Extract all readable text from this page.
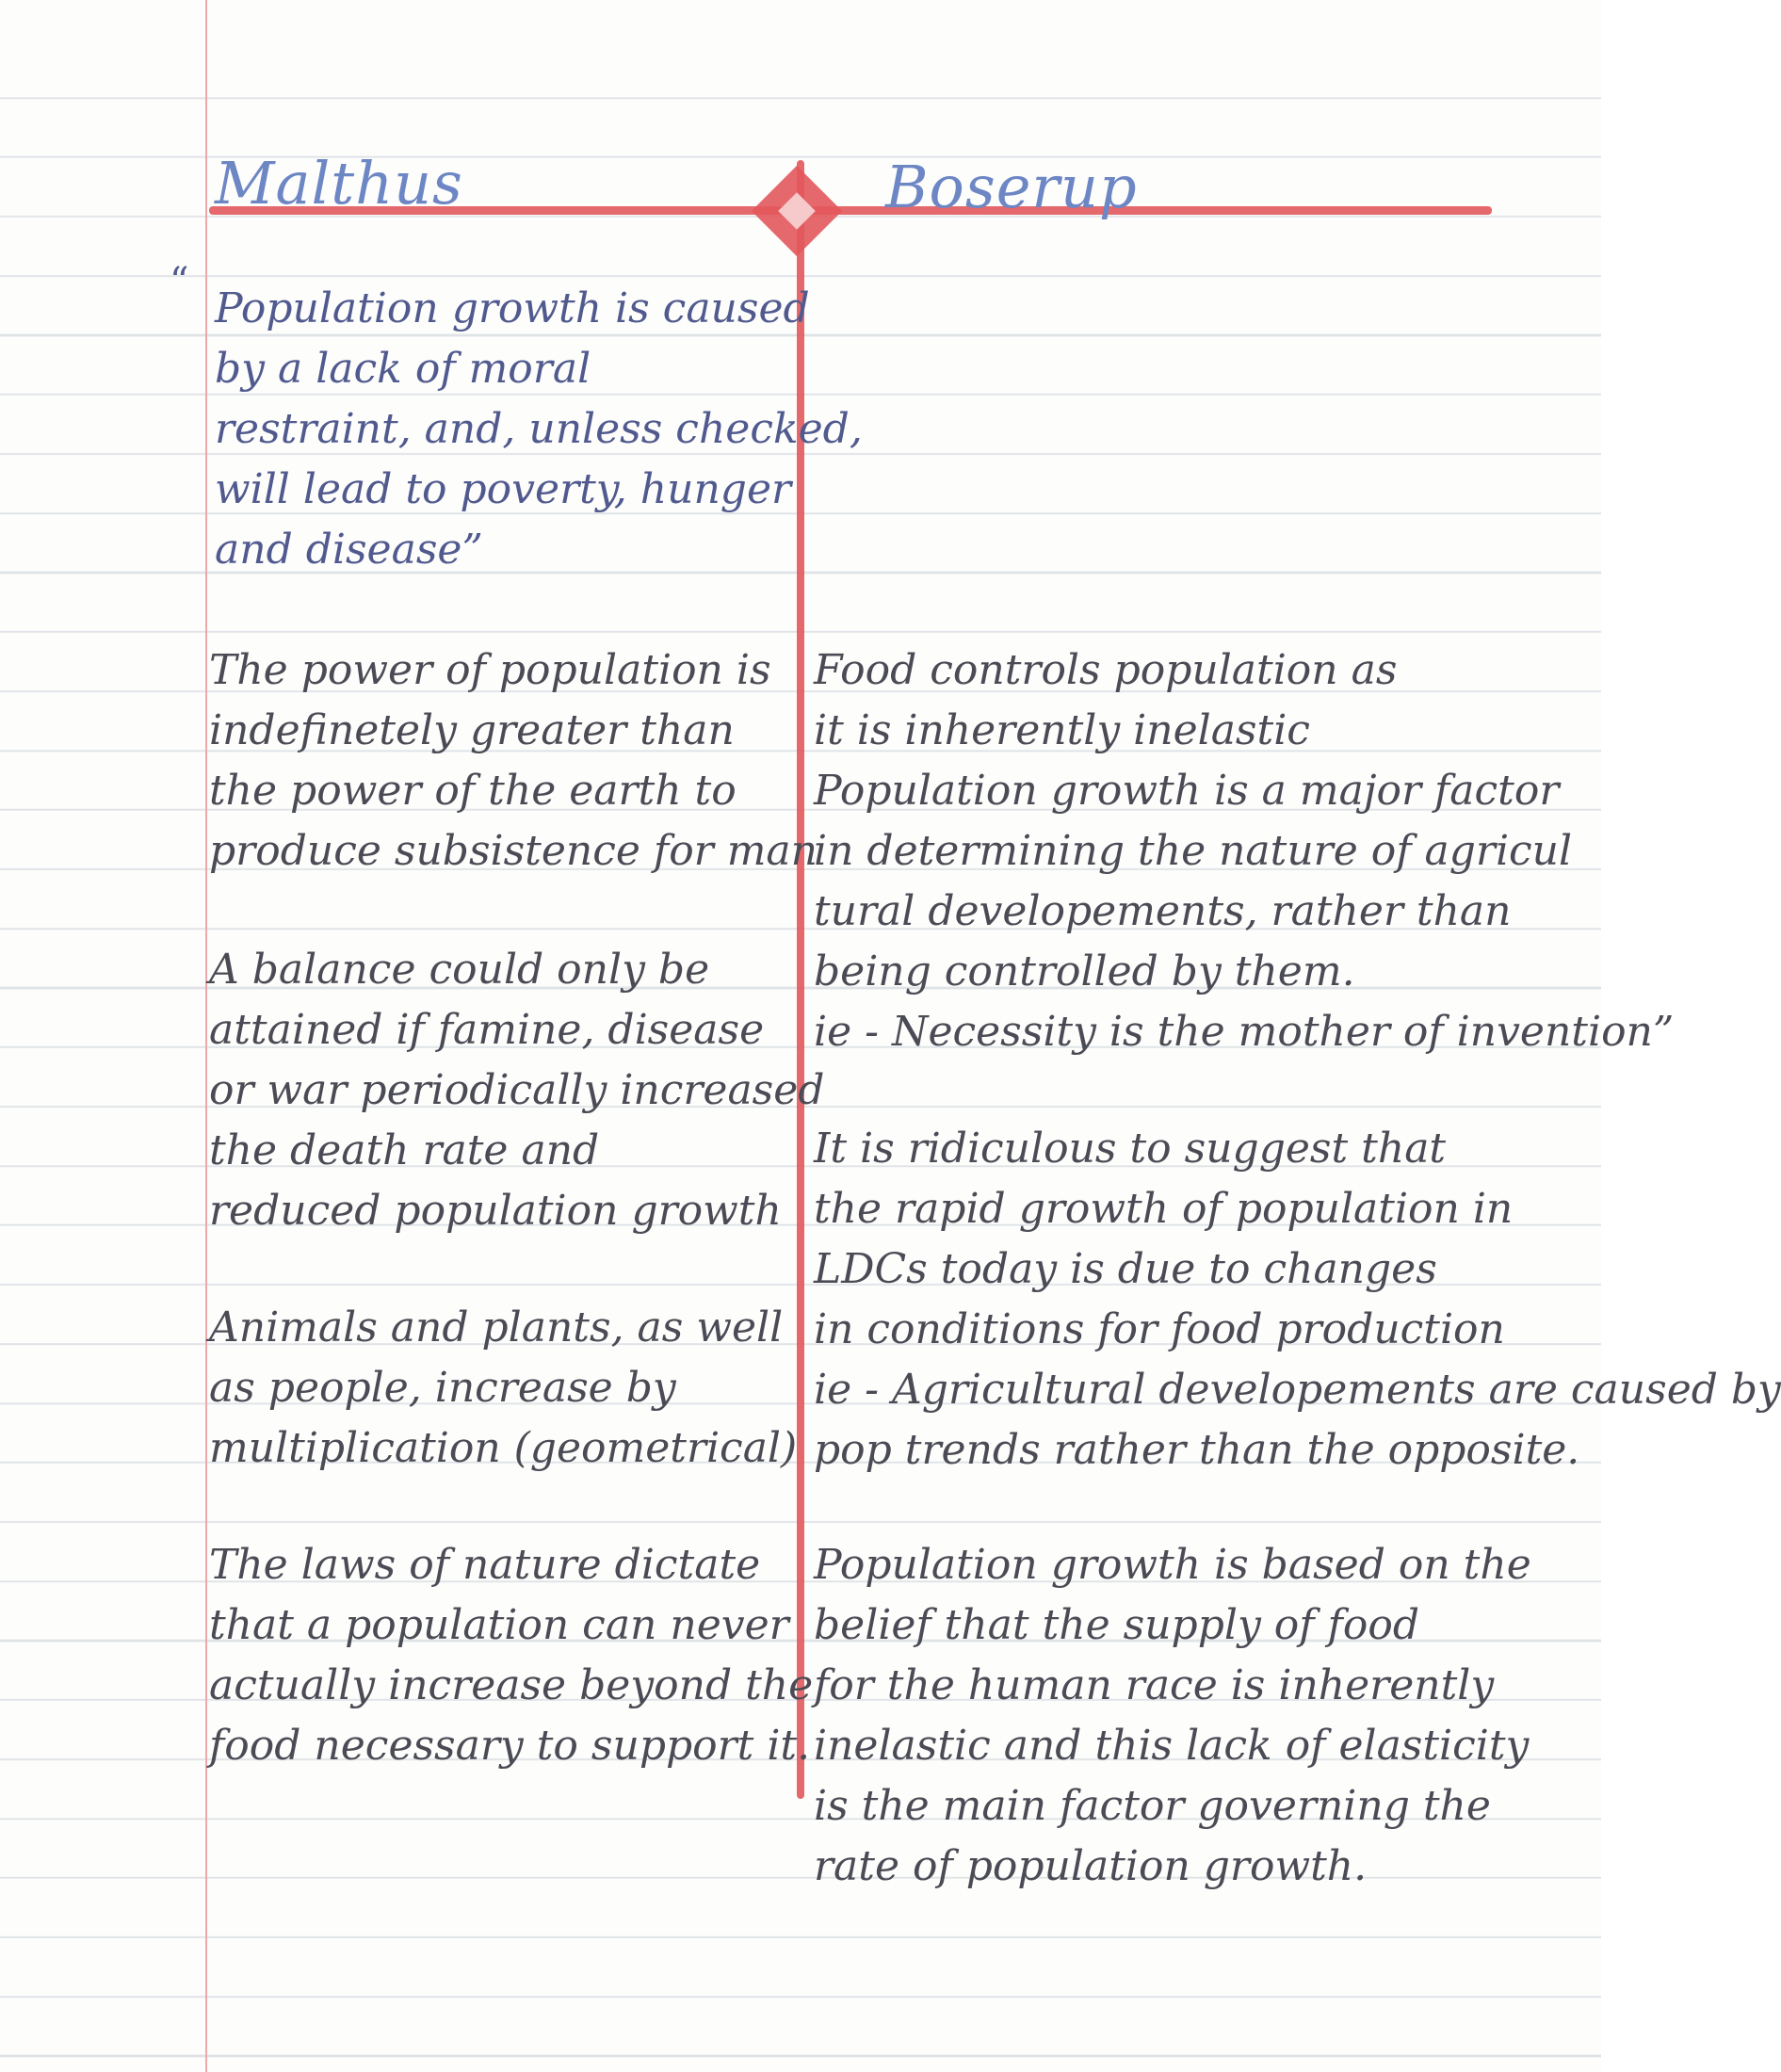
Malthus	Boserup
“

Population growth is caused

by a lack of moral

restraint, and, unless checked,

will lead to poverty, hunger

and disease”

The power of population is

indefinetely greater than

the power of the earth to

produce subsistence for man

A balance could only be

attained if famine, disease

or war periodically increased

the death rate and

reduced population growth

Animals and plants, as well

as people, increase by

multiplication (geometrical)

The laws of nature dictate

that a population can never

actually increase beyond the

food necessary to support it.

Food controls population as

it is inherently inelastic

Population growth is a major factor

in determining the nature of agricul

tural developements, rather than

being controlled by them.

ie - Necessity is the mother of invention”

It is ridiculous to suggest that

the rapid growth of population in

LDCs today is due to changes

in conditions for food production

ie - Agricultural developements are caused by

pop trends rather than the opposite.

Population growth is based on the

belief that the supply of food

for the human race is inherently

inelastic and this lack of elasticity

is the main factor governing the

rate of population growth.
